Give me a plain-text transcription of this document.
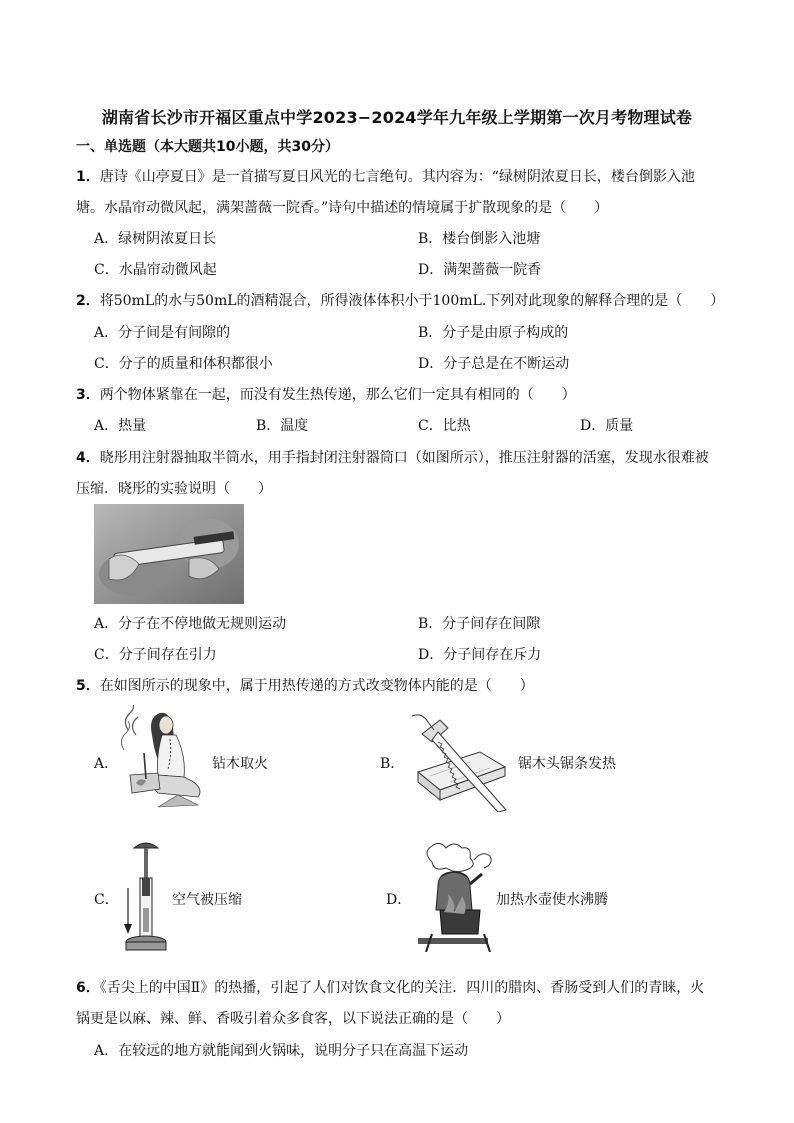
湖南省长沙市开福区重点中学2023−2024学年九年级上学期第一次月考物理试卷
一、单选题（本大题共10小题，共30分）
1．唐诗《山亭夏日》是一首描写夏日风光的七言绝句。其内容为：“绿树阴浓夏日长，楼台倒影入池
塘。水晶帘动微风起，满架蔷薇一院香。”诗句中描述的情境属于扩散现象的是（　　）
A．绿树阴浓夏日长	B．楼台倒影入池塘
C．水晶帘动微风起	D．满架蔷薇一院香
2．将50mL的水与50mL的酒精混合，所得液体体积小于100mL.下列对此现象的解释合理的是（　　）
A．分子间是有间隙的	B．分子是由原子构成的
C．分子的质量和体积都很小	D．分子总是在不断运动
3．两个物体紧靠在一起，而没有发生热传递，那么它们一定具有相同的（　　）
A．热量	B．温度	C．比热	D．质量
4．晓彤用注射器抽取半筒水，用手指封闭注射器筒口（如图所示），推压注射器的活塞，发现水很难被
压缩．晓彤的实验说明（　　）
A．分子在不停地做无规则运动	B．分子间存在间隙
C．分子间存在引力	D．分子间存在斥力
5．在如图所示的现象中，属于用热传递的方式改变物体内能的是（　　）
A．	钻木取火	B．	锯木头锯条发热
C．	空气被压缩	D．	加热水壶使水沸腾
6．《舌尖上的中国Ⅱ》的热播，引起了人们对饮食文化的关注．四川的腊肉、香肠受到人们的青睐，火
锅更是以麻、辣、鲜、香吸引着众多食客，以下说法正确的是（　　）
A．在较远的地方就能闻到火锅味，说明分子只在高温下运动
